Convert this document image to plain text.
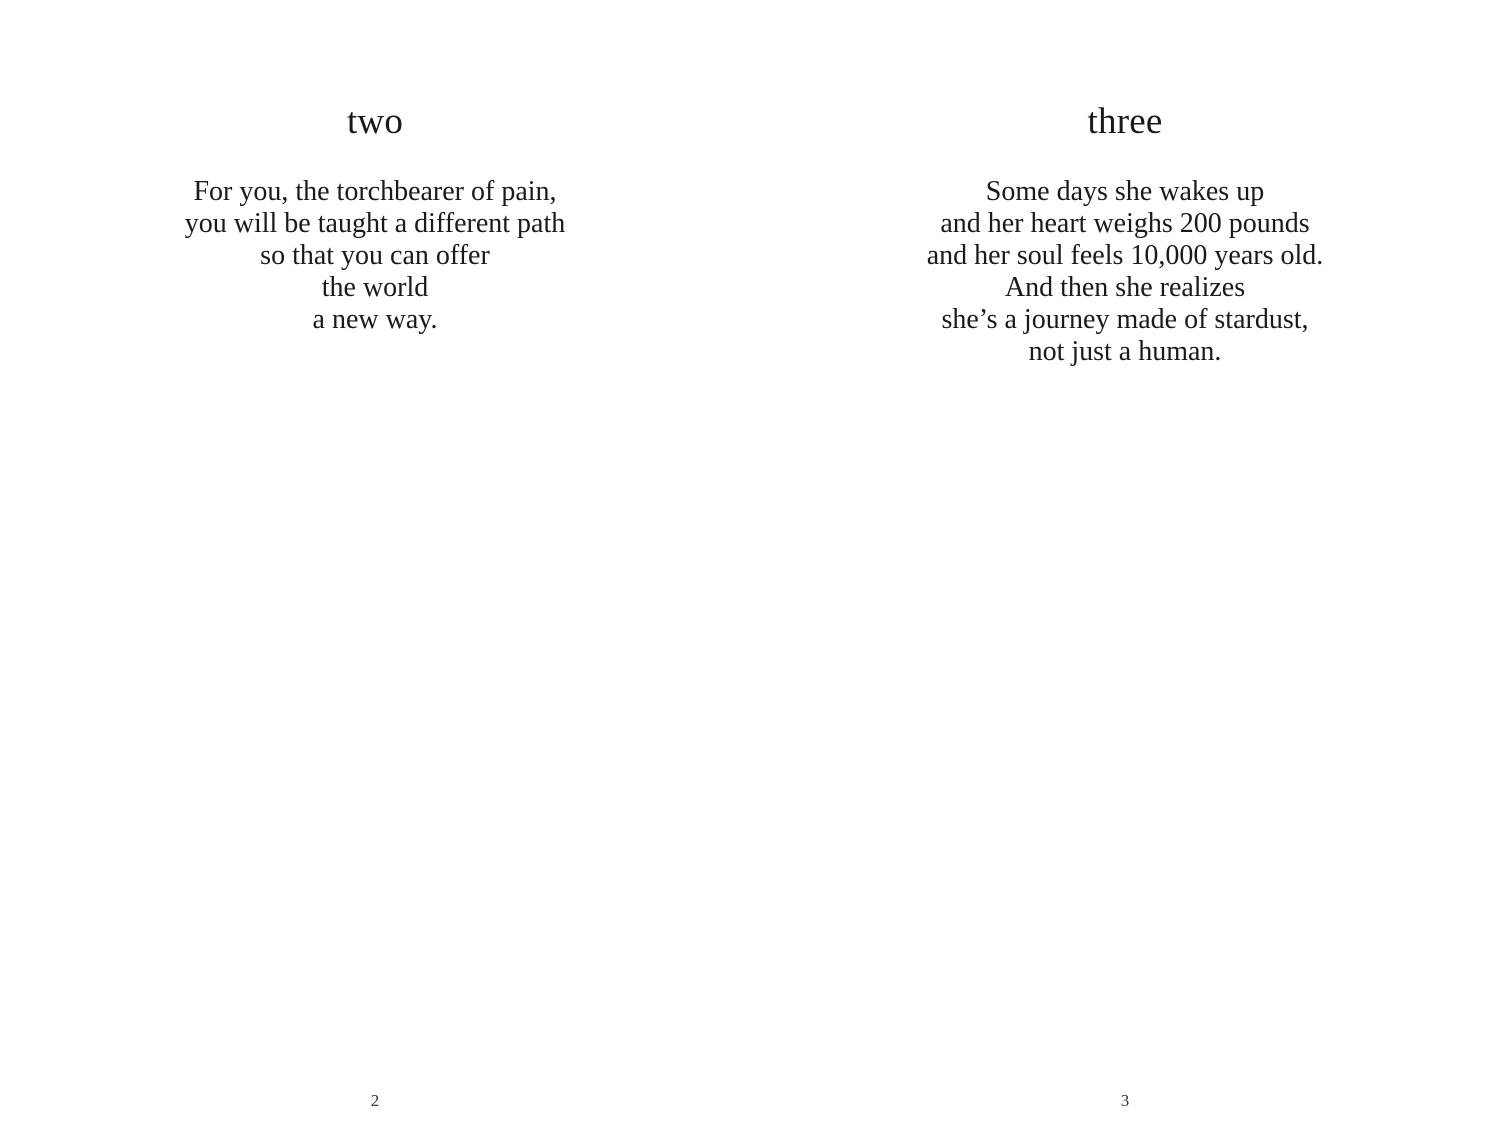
two
For you, the torchbearer of pain,
you will be taught a different path
so that you can offer
the world
a new way.
2
three
Some days she wakes up
and her heart weighs 200 pounds
and her soul feels 10,000 years old.
And then she realizes
she’s a journey made of stardust,
not just a human.
3
